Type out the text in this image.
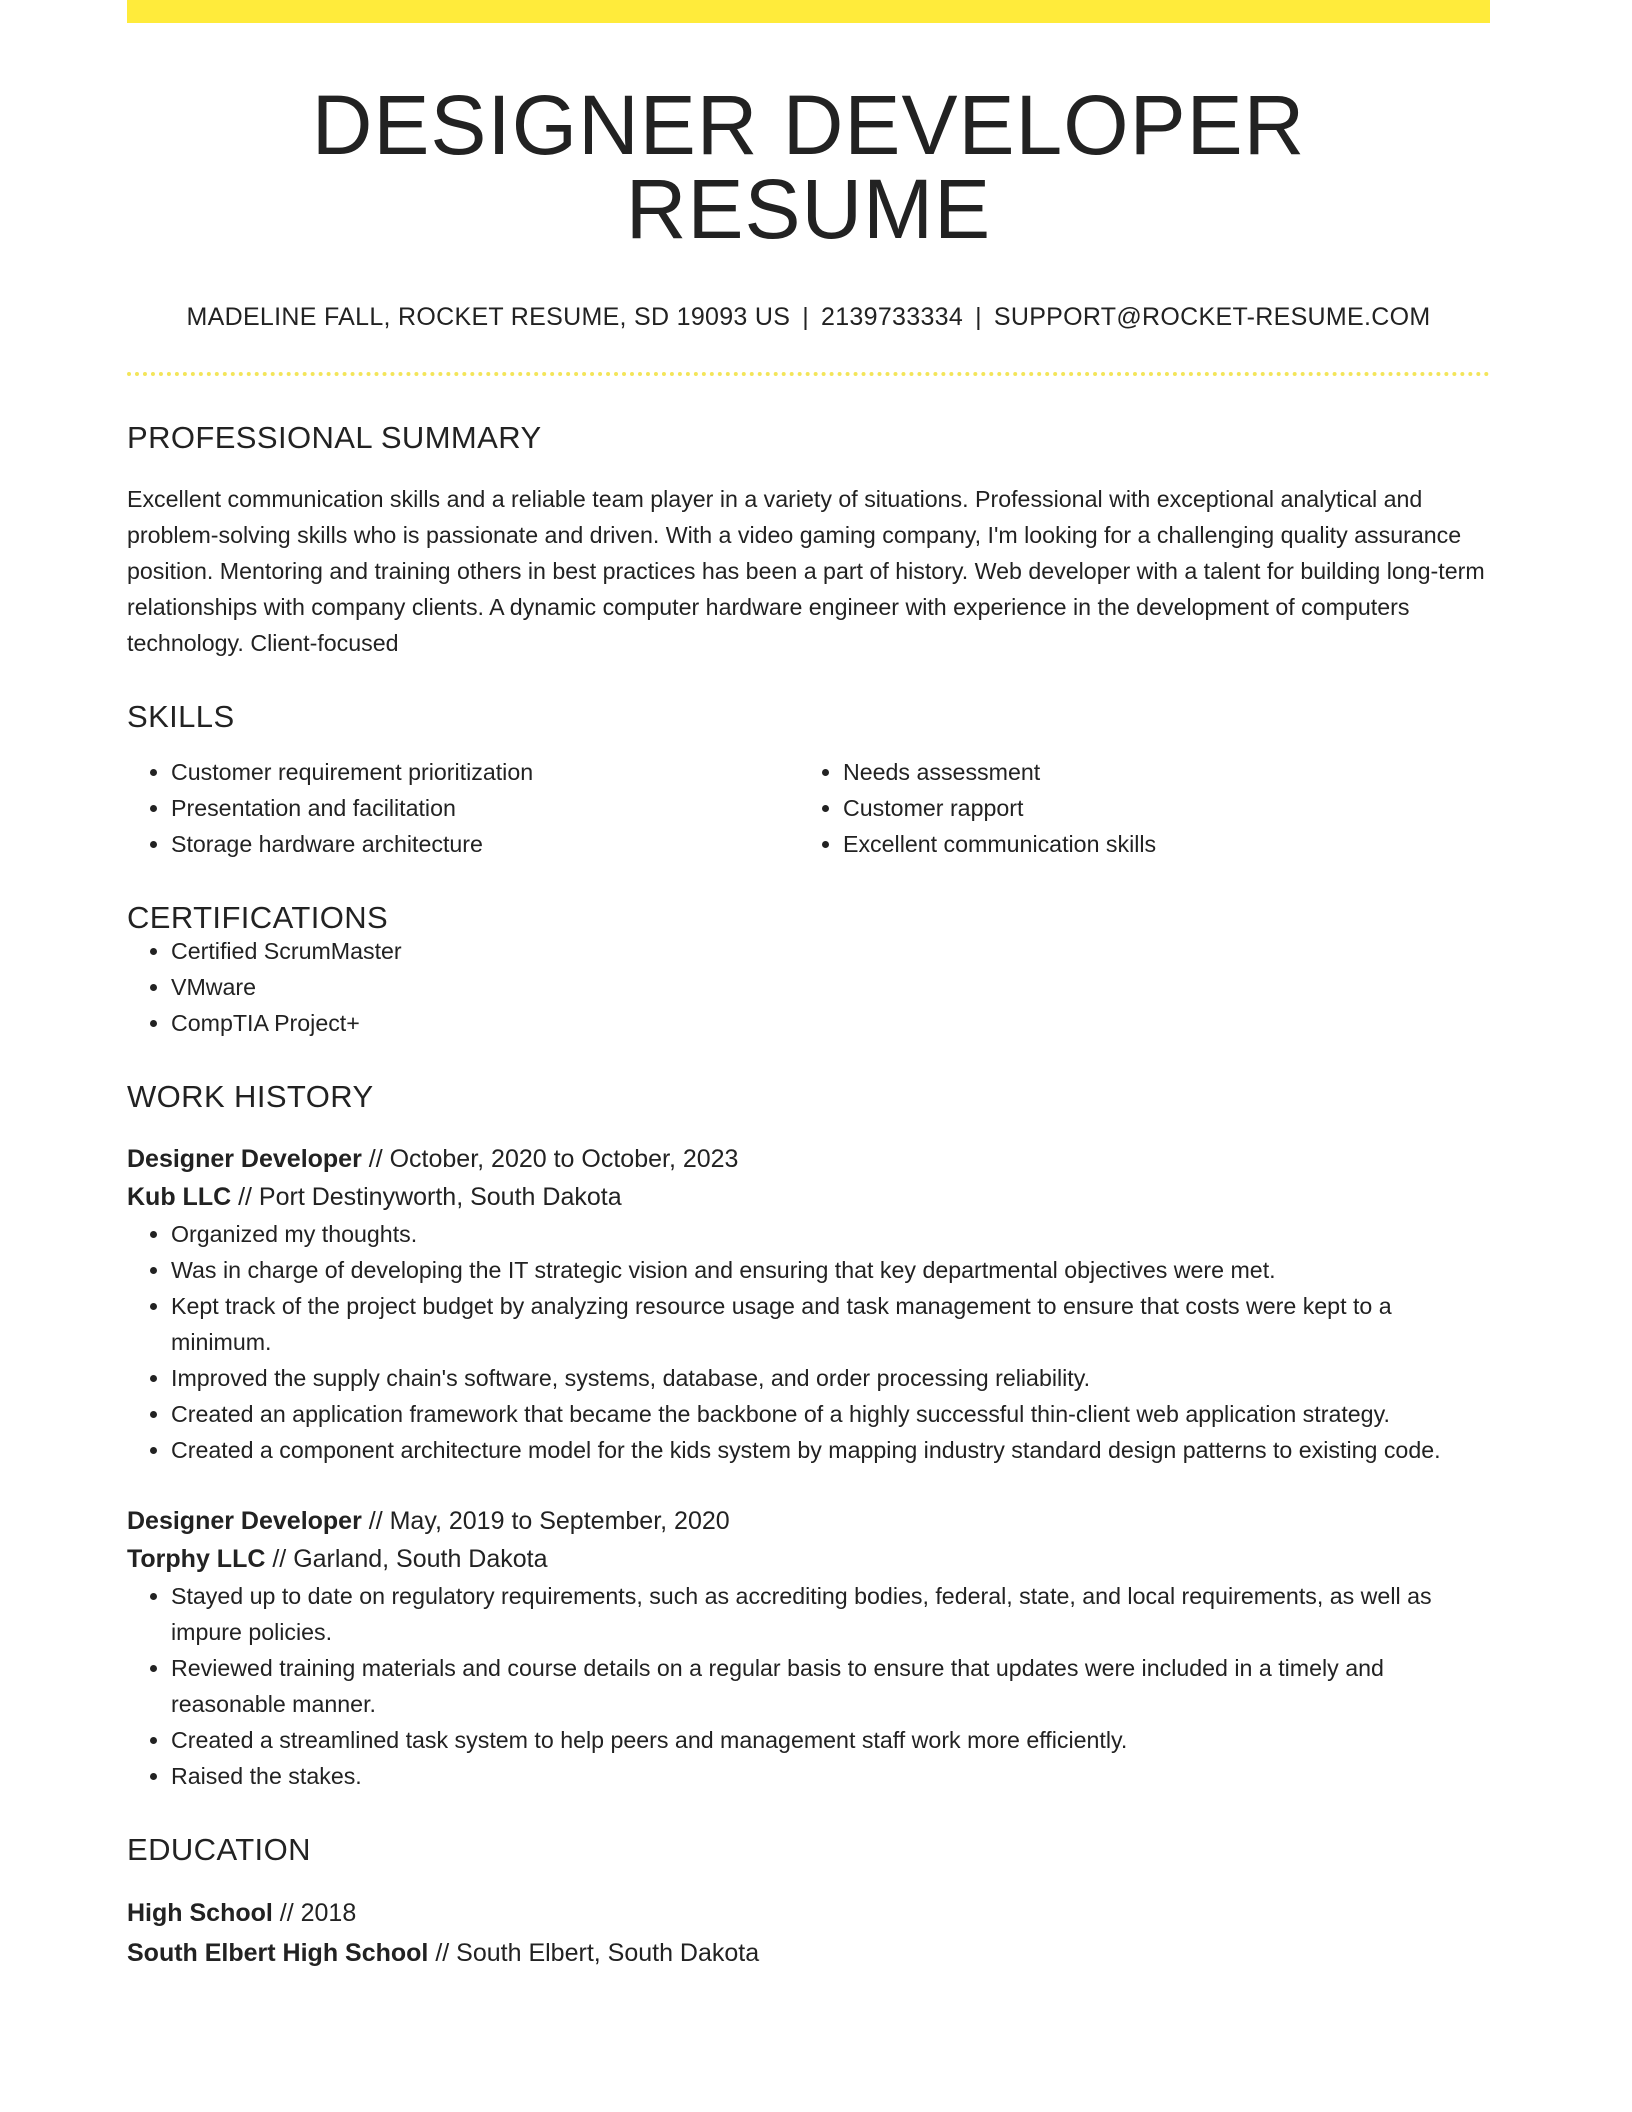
DESIGNER DEVELOPER RESUME
MADELINE FALL, ROCKET RESUME, SD 19093 US | 2139733334 | SUPPORT@ROCKET-RESUME.COM
PROFESSIONAL SUMMARY

Excellent communication skills and a reliable team player in a variety of situations. Professional with exceptional analytical and problem-solving skills who is passionate and driven. With a video gaming company, I'm looking for a challenging quality assurance position. Mentoring and training others in best practices has been a part of history. Web developer with a talent for building long-term relationships with company clients. A dynamic computer hardware engineer with experience in the development of computers technology. Client-focused

SKILLS
• Customer requirement prioritization
• Presentation and facilitation
• Storage hardware architecture
• Needs assessment
• Customer rapport
• Excellent communication skills
CERTIFICATIONS
• Certified ScrumMaster
• VMware
• CompTIA Project+
WORK HISTORY
Designer Developer // October, 2020 to October, 2023
Kub LLC // Port Destinyworth, South Dakota
• Organized my thoughts.
• Was in charge of developing the IT strategic vision and ensuring that key departmental objectives were met.
• Kept track of the project budget by analyzing resource usage and task management to ensure that costs were kept to a minimum.
• Improved the supply chain's software, systems, database, and order processing reliability.
• Created an application framework that became the backbone of a highly successful thin-client web application strategy.
• Created a component architecture model for the kids system by mapping industry standard design patterns to existing code.
Designer Developer // May, 2019 to September, 2020
Torphy LLC // Garland, South Dakota
• Stayed up to date on regulatory requirements, such as accrediting bodies, federal, state, and local requirements, as well as impure policies.
• Reviewed training materials and course details on a regular basis to ensure that updates were included in a timely and reasonable manner.
• Created a streamlined task system to help peers and management staff work more efficiently.
• Raised the stakes.
EDUCATION
High School // 2018
South Elbert High School // South Elbert, South Dakota
